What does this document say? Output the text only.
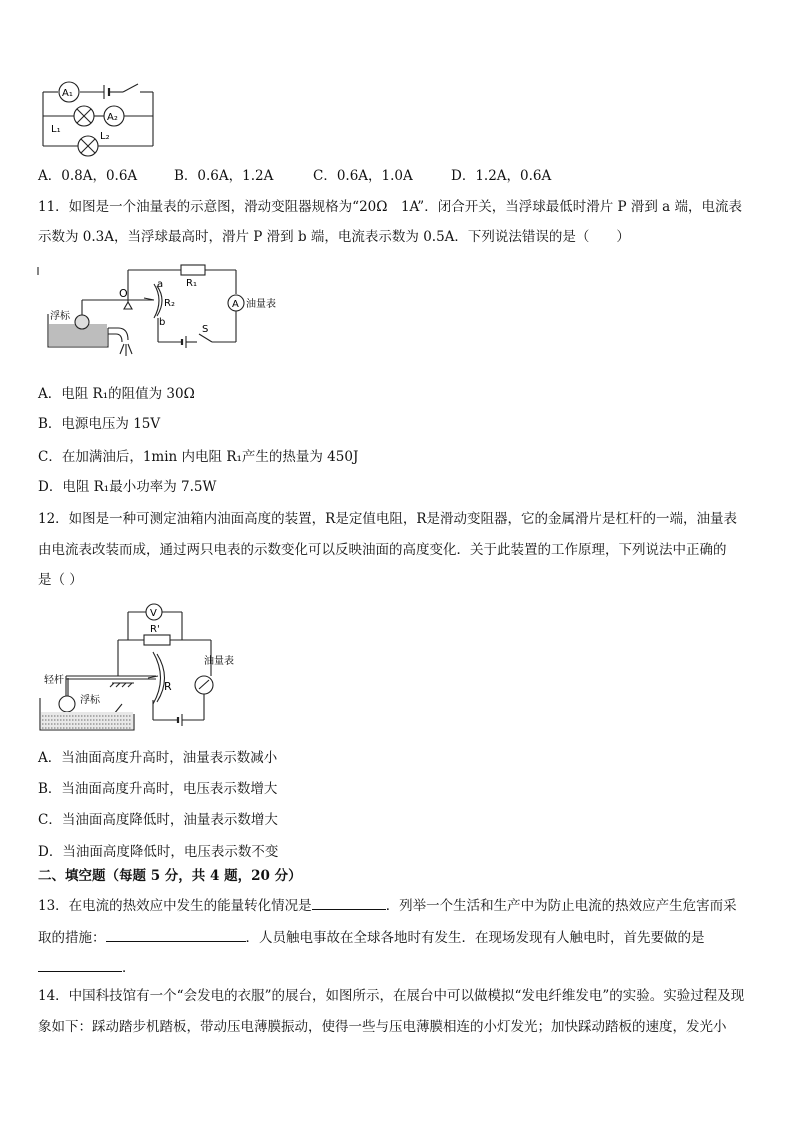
A₁
A₂
L₁
L₂
A．0.8A，0.6A	B．0.6A，1.2A	C．0.6A，1.0A	D．1.2A，0.6A
11．如图是一个油量表的示意图，滑动变阻器规格为“20Ω　1A”．闭合开关，当浮球最低时滑片 P 滑到 a 端，电流表
示数为 0.3A，当浮球最高时，滑片 P 滑到 b 端，电流表示数为 0.5A．下列说法错误的是（　　）
R₁
O
a
R₂
b
S
A 油量表
浮标
A．电阻 R₁的阻值为 30Ω
B．电源电压为 15V
C．在加满油后，1min 内电阻 R₁产生的热量为 450J
D．电阻 R₁最小功率为 7.5W
12．如图是一种可测定油箱内油面高度的装置，R是定值电阻，R是滑动变阻器，它的金属滑片是杠杆的一端，油量表
由电流表改装而成，通过两只电表的示数变化可以反映油面的高度变化．关于此装置的工作原理，下列说法中正确的
是（ ）
V
R'
R
油量表
轻杆
浮标
A．当油面高度升高时，油量表示数减小
B．当油面高度升高时，电压表示数增大
C．当油面高度降低时，油量表示数增大
D．当油面高度降低时，电压表示数不变
二、填空题（每题 5 分，共 4 题，20 分）
13．在电流的热效应中发生的能量转化情况是	．列举一个生活和生产中为防止电流的热效应产生危害而采
取的措施：	．人员触电事故在全球各地时有发生．在现场发现有人触电时，首先要做的是
．
14．中国科技馆有一个“会发电的衣服”的展台，如图所示，在展台中可以做模拟“发电纤维发电”的实验。实验过程及现
象如下：踩动踏步机踏板，带动压电薄膜振动，使得一些与压电薄膜相连的小灯发光；加快踩动踏板的速度，发光小
